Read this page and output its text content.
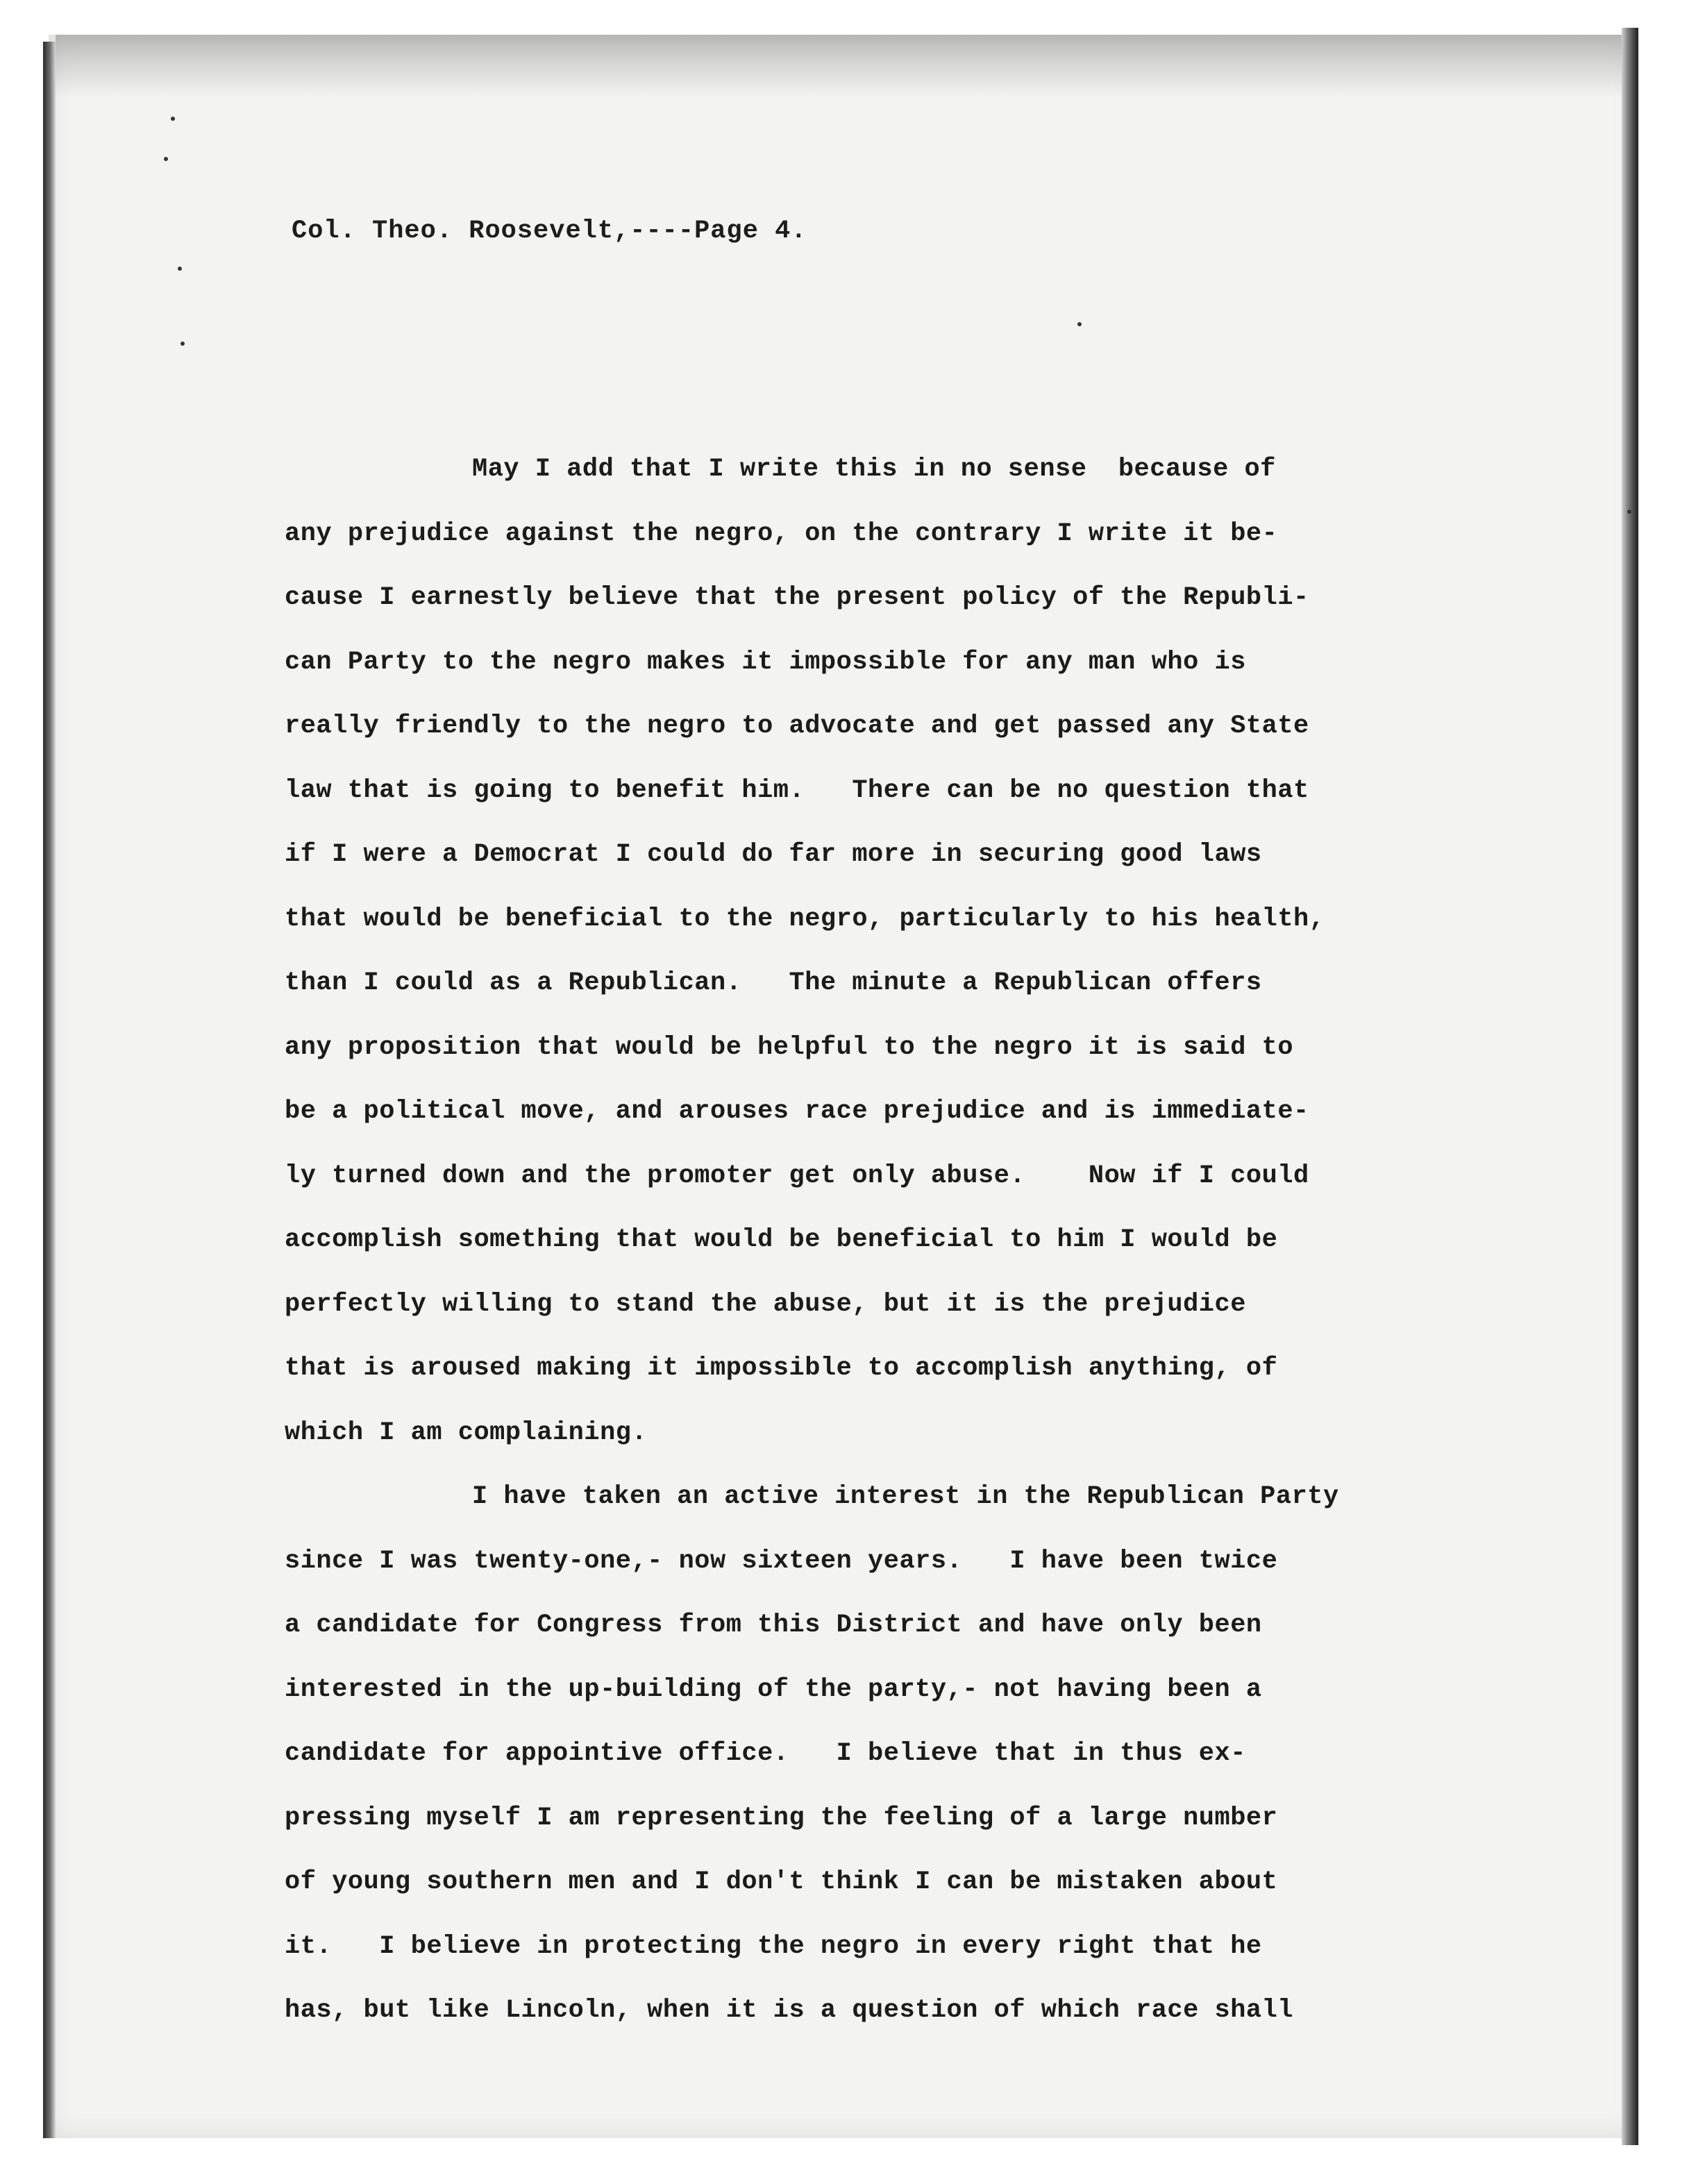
Col. Theo. Roosevelt,----Page 4.
May I add that I write this in no sense  because of
any prejudice against the negro, on the contrary I write it be-
cause I earnestly believe that the present policy of the Republi-
can Party to the negro makes it impossible for any man who is
really friendly to the negro to advocate and get passed any State
law that is going to benefit him.   There can be no question that
if I were a Democrat I could do far more in securing good laws
that would be beneficial to the negro, particularly to his health,
than I could as a Republican.   The minute a Republican offers
any proposition that would be helpful to the negro it is said to
be a political move, and arouses race prejudice and is immediate-
ly turned down and the promoter get only abuse.    Now if I could
accomplish something that would be beneficial to him I would be
perfectly willing to stand the abuse, but it is the prejudice
that is aroused making it impossible to accomplish anything, of
which I am complaining.
I have taken an active interest in the Republican Party
since I was twenty-one,- now sixteen years.   I have been twice
a candidate for Congress from this District and have only been
interested in the up-building of the party,- not having been a
candidate for appointive office.   I believe that in thus ex-
pressing myself I am representing the feeling of a large number
of young southern men and I don't think I can be mistaken about
it.   I believe in protecting the negro in every right that he
has, but like Lincoln, when it is a question of which race shall
